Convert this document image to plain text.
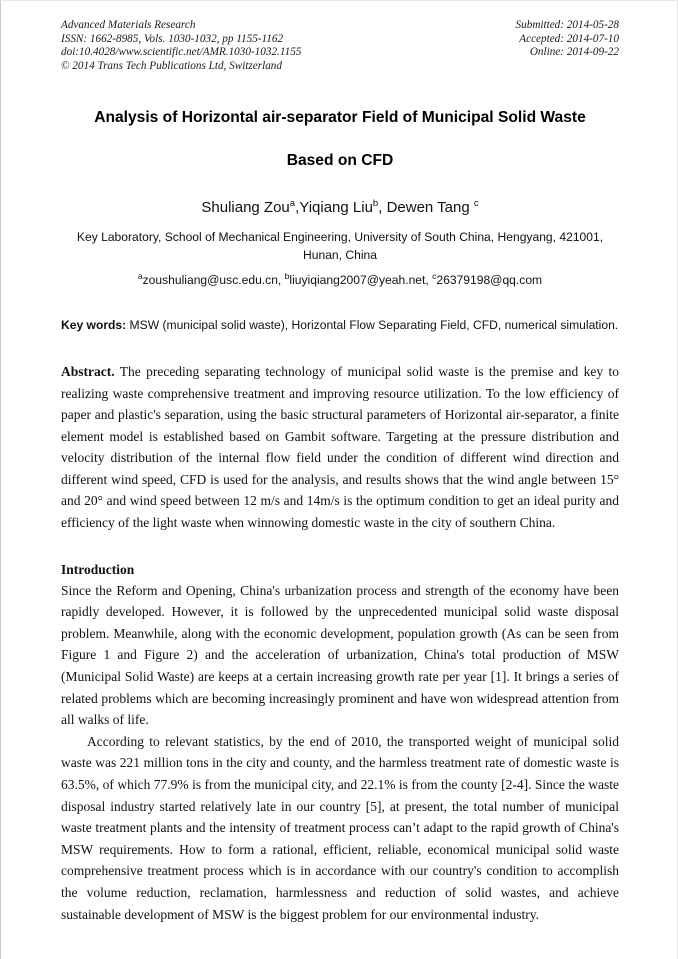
Advanced Materials Research
ISSN: 1662-8985, Vols. 1030-1032, pp 1155-1162
doi:10.4028/www.scientific.net/AMR.1030-1032.1155
© 2014 Trans Tech Publications Ltd, Switzerland
Submitted: 2014-05-28
Accepted: 2014-07-10
Online: 2014-09-22
Analysis of Horizontal air-separator Field of Municipal Solid Waste
Based on CFD
Shuliang Zou$^a$,Yiqiang Liu$^b$, Dewen Tang $^c$
Key Laboratory, School of Mechanical Engineering, University of South China, Hengyang, 421001,
Hunan, China
$^a$zoushuliang@usc.edu.cn, $^b$liuyiqiang2007@yeah.net, $^c$26379198@qq.com
Key words: MSW (municipal solid waste), Horizontal Flow Separating Field, CFD, numerical simulation.
Abstract. The preceding separating technology of municipal solid waste is the premise and key to realizing waste comprehensive treatment and improving resource utilization. To the low efficiency of paper and plastic's separation, using the basic structural parameters of Horizontal air-separator, a finite element model is established based on Gambit software. Targeting at the pressure distribution and velocity distribution of the internal flow field under the condition of different wind direction and different wind speed, CFD is used for the analysis, and results shows that the wind angle between 15° and 20° and wind speed between 12 m/s and 14m/s is the optimum condition to get an ideal purity and efficiency of the light waste when winnowing domestic waste in the city of southern China.
Introduction
Since the Reform and Opening, China's urbanization process and strength of the economy have been rapidly developed. However, it is followed by the unprecedented municipal solid waste disposal problem. Meanwhile, along with the economic development, population growth (As can be seen from Figure 1 and Figure 2) and the acceleration of urbanization, China's total production of MSW (Municipal Solid Waste) are keeps at a certain increasing growth rate per year [1]. It brings a series of related problems which are becoming increasingly prominent and have won widespread attention from all walks of life.
According to relevant statistics, by the end of 2010, the transported weight of municipal solid waste was 221 million tons in the city and county, and the harmless treatment rate of domestic waste is 63.5%, of which 77.9% is from the municipal city, and 22.1% is from the county [2-4]. Since the waste disposal industry started relatively late in our country [5], at present, the total number of municipal waste treatment plants and the intensity of treatment process can’t adapt to the rapid growth of China's MSW requirements. How to form a rational, efficient, reliable, economical municipal solid waste comprehensive treatment process which is in accordance with our country's condition to accomplish the volume reduction, reclamation, harmlessness and reduction of solid wastes, and achieve sustainable development of MSW is the biggest problem for our environmental industry.
